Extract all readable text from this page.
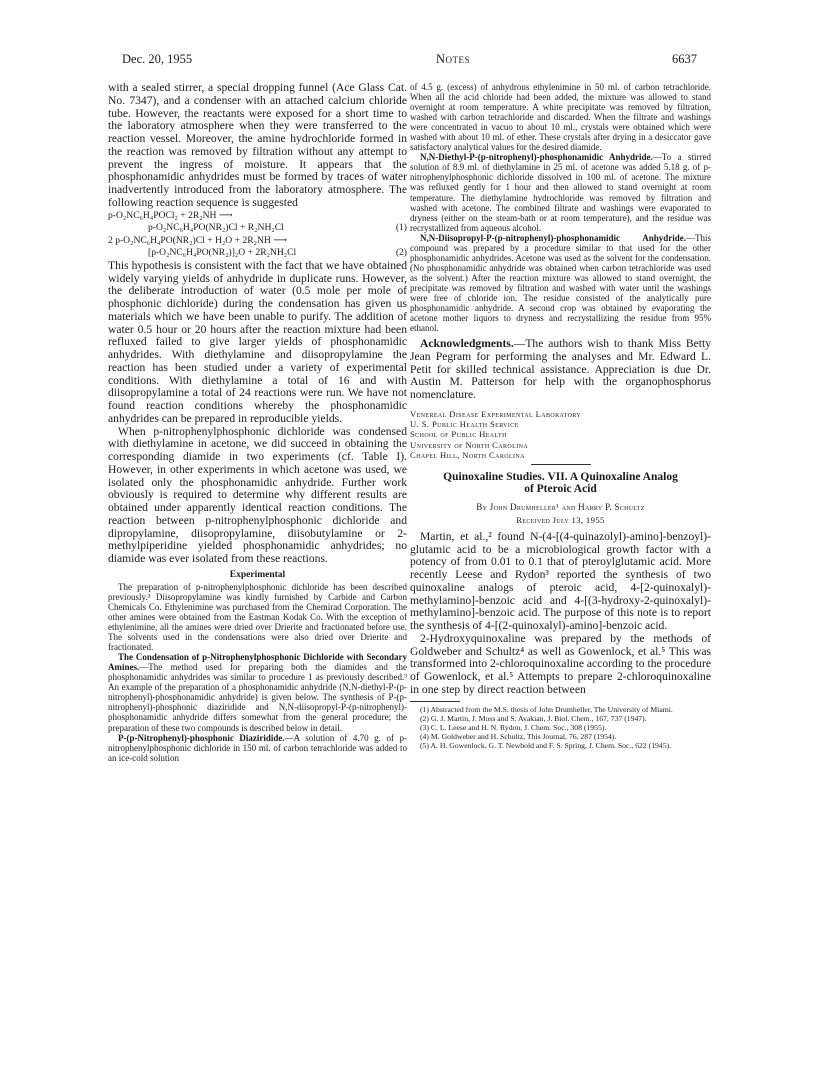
Dec. 20, 1955	Notes	6637

with a sealed stirrer, a special dropping funnel (Ace Glass Cat. No. 7347), and a condenser with an attached calcium chloride tube. However, the reactants were exposed for a short time to the laboratory atmosphere when they were transferred to the reaction vessel. Moreover, the amine hydrochloride formed in the reaction was removed by filtration without any attempt to prevent the ingress of moisture. It appears that the phosphonamidic anhydrides must be formed by traces of water inadvertently introduced from the laboratory atmosphere. The following reaction sequence is suggested

p-O₂NC₆H₄POCl₂ + 2R₂NH ⟶
p-O₂NC₆H₄PO(NR₂)Cl + R₂NH₂Cl	(1)
2 p-O₂NC₆H₄PO(NR₂)Cl + H₂O + 2R₂NH ⟶
[p-O₂NC₆H₄PO(NR₂)]₂O + 2R₂NH₂Cl	(2)

This hypothesis is consistent with the fact that we have obtained widely varying yields of anhydride in duplicate runs. However, the deliberate introduction of water (0.5 mole per mole of phosphonic dichloride) during the condensation has given us materials which we have been unable to purify. The addition of water 0.5 hour or 20 hours after the reaction mixture had been refluxed failed to give larger yields of phosphonamidic anhydrides. With diethylamine and diisopropylamine the reaction has been studied under a variety of experimental conditions. With diethylamine a total of 16 and with diisopropylamine a total of 24 reactions were run. We have not found reaction conditions whereby the phosphonamidic anhydrides can be prepared in reproducible yields.

When p-nitrophenylphosphonic dichloride was condensed with diethylamine in acetone, we did succeed in obtaining the corresponding diamide in two experiments (cf. Table I). However, in other experiments in which acetone was used, we isolated only the phosphonamidic anhydride. Further work obviously is required to determine why different results are obtained under apparently identical reaction conditions. The reaction between p-nitrophenylphosphonic dichloride and dipropylamine, diisopropylamine, diisobutylamine or 2-methylpiperidine yielded phosphonamidic anhydrides; no diamide was ever isolated from these reactions.

Experimental

The preparation of p-nitrophenylphosphonic dichloride has been described previously.³ Diisopropylamine was kindly furnished by Carbide and Carbon Chemicals Co. Ethylenimine was purchased from the Chemirad Corporation. The other amines were obtained from the Eastman Kodak Co. With the exception of ethylenimine, all the amines were dried over Drierite and fractionated before use. The solvents used in the condensations were also dried over Drierite and fractionated.

The Condensation of p-Nitrophenylphosphonic Dichloride with Secondary Amines.—The method used for preparing both the diamides and the phosphonamidic anhydrides was similar to procedure 1 as previously described.³ An example of the preparation of a phosphonamidic anhydride (N,N-diethyl-P-(p-nitrophenyl)-phosphonamidic anhydride) is given below. The synthesis of P-(p-nitrophenyl)-phosphonic diaziridide and N,N-diisopropyl-P-(p-nitrophenyl)-phosphonamidic anhydride differs somewhat from the general procedure; the preparation of these two compounds is described below in detail.

P-(p-Nitrophenyl)-phosphonic Diaziridide.—A solution of 4.70 g. of p-nitrophenylphosphonic dichloride in 150 ml. of carbon tetrachloride was added to an ice-cold solution

of 4.5 g. (excess) of anhydrous ethylenimine in 50 ml. of carbon tetrachloride. When all the acid chloride had been added, the mixture was allowed to stand overnight at room temperature. A white precipitate was removed by filtration, washed with carbon tetrachloride and discarded. When the filtrate and washings were concentrated in vacuo to about 10 ml., crystals were obtained which were washed with about 10 ml. of ether. These crystals after drying in a desiccator gave satisfactory analytical values for the desired diamide.

N,N-Diethyl-P-(p-nitrophenyl)-phosphonamidic Anhydride.—To a stirred solution of 8.9 ml. of diethylamine in 25 ml. of acetone was added 5.18 g. of p-nitrophenylphosphonic dichloride dissolved in 100 ml. of acetone. The mixture was refluxed gently for 1 hour and then allowed to stand overnight at room temperature. The diethylamine hydrochloride was removed by filtration and washed with acetone. The combined filtrate and washings were evaporated to dryness (either on the steam-bath or at room temperature), and the residue was recrystallized from aqueous alcohol.

N,N-Diisopropyl-P-(p-nitrophenyl)-phosphonamidic Anhydride.—This compound was prepared by a procedure similar to that used for the other phosphonamidic anhydrides. Acetone was used as the solvent for the condensation. (No phosphonamidic anhydride was obtained when carbon tetrachloride was used as the solvent.) After the reaction mixture was allowed to stand overnight, the precipitate was removed by filtration and washed with water until the washings were free of chloride ion. The residue consisted of the analytically pure phosphonamidic anhydride. A second crop was obtained by evaporating the acetone mother liquors to dryness and recrystallizing the residue from 95% ethanol.

Acknowledgments.—The authors wish to thank Miss Betty Jean Pegram for performing the analyses and Mr. Edward L. Petit for skilled technical assistance. Appreciation is due Dr. Austin M. Patterson for help with the organophosphorus nomenclature.

Venereal Disease Experimental Laboratory
U. S. Public Health Service
School of Public Health
University of North Carolina
Chapel Hill, North Carolina
Quinoxaline Studies. VII. A Quinoxaline Analog
of Pteroic Acid
By John Drumheller¹ and Harry P. Schultz
Received July 13, 1955

Martin, et al.,² found N-(4-[(4-quinazolyl)-amino]-benzoyl)-glutamic acid to be a microbiological growth factor with a potency of from 0.01 to 0.1 that of pteroylglutamic acid. More recently Leese and Rydon³ reported the synthesis of two quinoxaline analogs of pteroic acid, 4-[2-quinoxalyl)-methylamino]-benzoic acid and 4-[(3-hydroxy-2-quinoxalyl)-methylamino]-benzoic acid. The purpose of this note is to report the synthesis of 4-[(2-quinoxalyl)-amino]-benzoic acid.

2-Hydroxyquinoxaline was prepared by the methods of Goldweber and Schultz⁴ as well as Gowenlock, et al.⁵ This was transformed into 2-chloroquinoxaline according to the procedure of Gowenlock, et al.⁵ Attempts to prepare 2-chloroquinoxaline in one step by direct reaction between

(1) Abstracted from the M.S. thesis of John Drumheller, The University of Miami.

(2) G. J. Martin, J. Moss and S. Avakian, J. Biol. Chem., 167, 737 (1947).

(3) C. L. Leese and H. N. Rydon, J. Chem. Soc., 308 (1955).

(4) M. Goldweber and H. Schultz, This Journal, 76, 287 (1954).

(5) A. H. Gowenlock, G. T. Newbold and F. S. Spring, J. Chem. Soc., 622 (1945).
